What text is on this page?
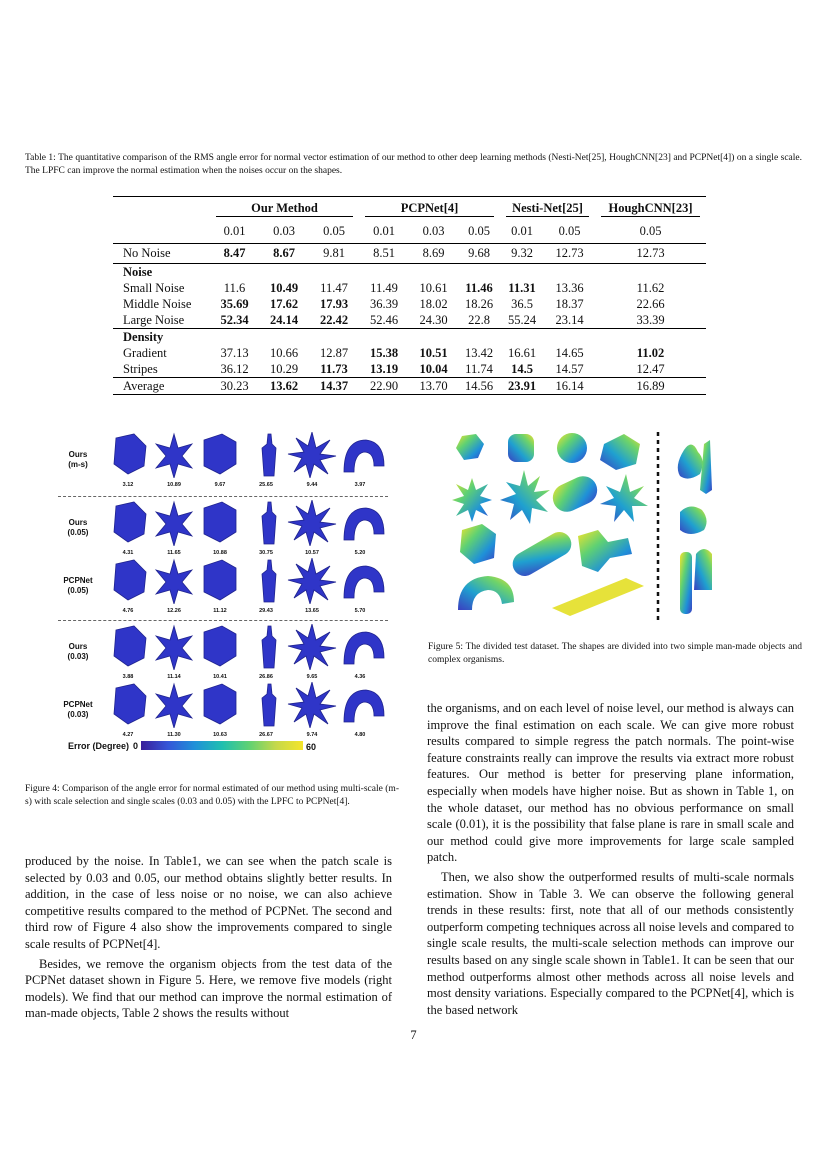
Table 1: The quantitative comparison of the RMS angle error for normal vector estimation of our method to other deep learning methods (Nesti-Net[25], HoughCNN[23] and PCPNet[4]) on a single scale. The LPFC can improve the normal estimation when the noises occur on the shapes.

	Our Method			PCPNet[4]			Nesti-Net[25]		HoughCNN[23]

	0.01	0.03	0.05	0.01	0.03	0.05	0.01	0.05	0.05
No Noise	8.47	8.67	9.81	8.51	8.69	9.68	9.32	12.73	12.73
Noise									
Small Noise	11.6	10.49	11.47	11.49	10.61	11.46	11.31	13.36	11.62
Middle Noise	35.69	17.62	17.93	36.39	18.02	18.26	36.5	18.37	22.66
Large Noise	52.34	24.14	22.42	52.46	24.30	22.8	55.24	23.14	33.39
Density									
Gradient	37.13	10.66	12.87	15.38	10.51	13.42	16.61	14.65	11.02
Stripes	36.12	10.29	11.73	13.19	10.04	11.74	14.5	14.57	12.47
Average	30.23	13.62	14.37	22.90	13.70	14.56	23.91	16.14	16.89
Ours
(m-s)
3.12	10.89	9.67	25.65	9.44	3.97
Ours
(0.05)
4.31	11.65	10.88	30.75	10.57	5.20
PCPNet
(0.05)
4.76	12.26	11.12	29.43	13.65	5.70
Ours
(0.03)
3.88	11.14	10.41	26.86	9.65	4.36
PCPNet
(0.03)
4.27	11.30	10.63	26.67	9.74	4.80
Error (Degree) 0	60
Figure 4: Comparison of the angle error for normal estimated of our method using multi-scale (m-s) with scale selection and single scales (0.03 and 0.05) with the LPFC to PCPNet[4].
Figure 5: The divided test dataset. The shapes are divided into two simple man-made objects and complex organisms.

produced by the noise. In Table1, we can see when the patch scale is selected by 0.03 and 0.05, our method obtains slightly better results. In addition, in the case of less noise or no noise, we can also achieve competitive results compared to the method of PCPNet. The second and third row of Figure 4 also show the improvements compared to single scale results of PCPNet[4].

Besides, we remove the organism objects from the test data of the PCPNet dataset shown in Figure 5. Here, we remove five models (right models). We find that our method can improve the normal estimation of man-made objects, Table 2 shows the results without

the organisms, and on each level of noise level, our method is always can improve the final estimation on each scale. We can give more robust results compared to simple regress the patch normals. The point-wise feature constraints really can improve the results via extract more robust features. Our method is better for preserving plane information, especially when models have higher noise. But as shown in Table 1, on the whole dataset, our method has no obvious performance on small scale (0.01), it is the possibility that false plane is rare in small scale and our method could give more improvements for large scale sampled patch.

Then, we also show the outperformed results of multi-scale normals estimation. Show in Table 3. We can observe the following general trends in these results: first, note that all of our methods consistently outperform competing techniques across all noise levels and compared to single scale results, the multi-scale selection methods can improve our results based on any single scale shown in Table1. It can be seen that our method outperforms almost other methods across all noise levels and most density variations. Especially compared to the PCPNet[4], which is the based network

7
